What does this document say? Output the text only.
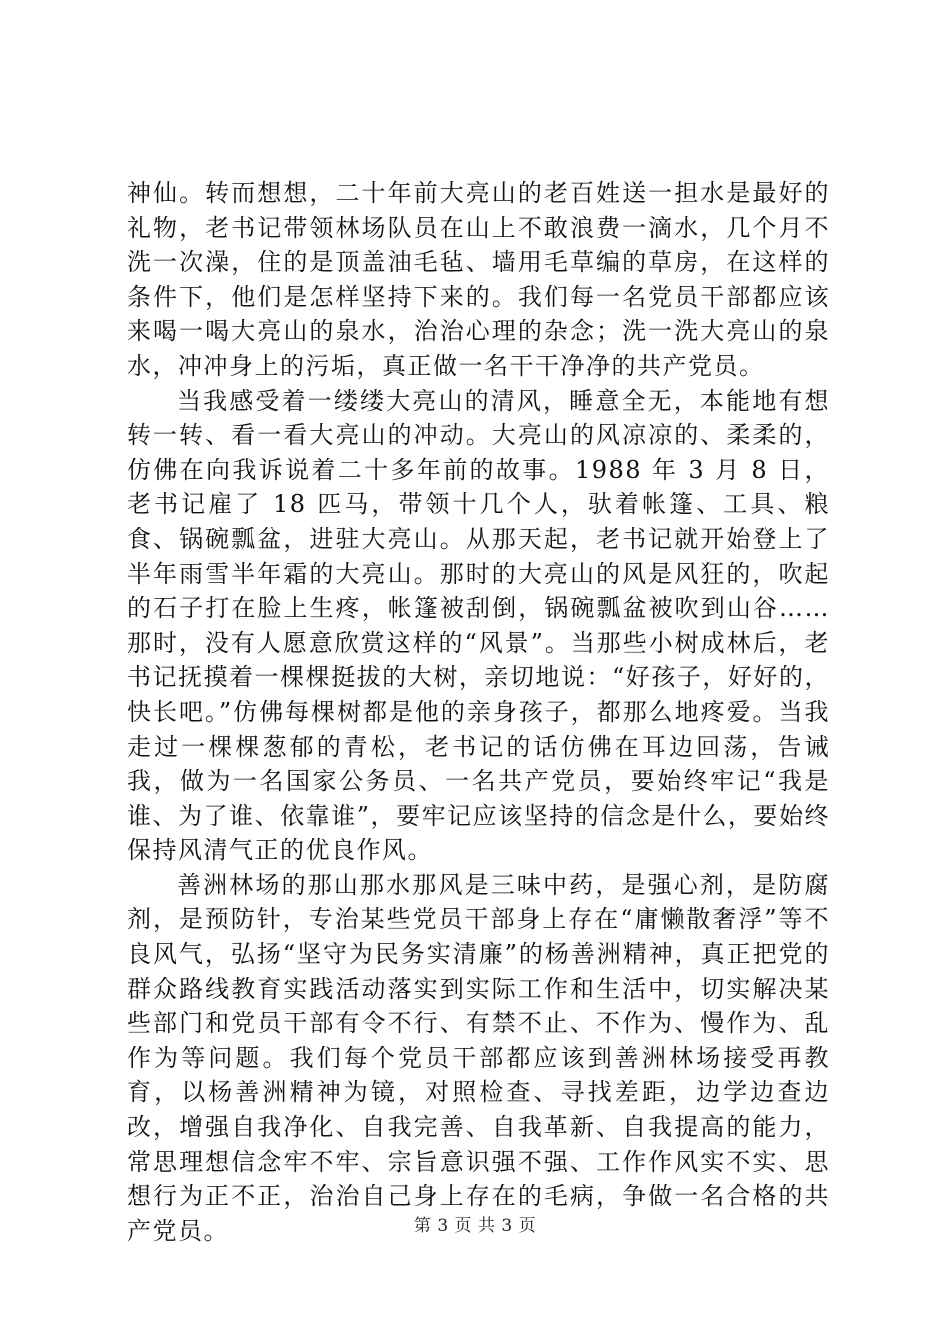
神仙。转而想想，二十年前大亮山的老百姓送一担水是最好的礼物，老书记带领林场队员在山上不敢浪费一滴水，几个月不洗一次澡，住的是顶盖油毛毡、墙用毛草编的草房，在这样的条件下，他们是怎样坚持下来的。我们每一名党员干部都应该来喝一喝大亮山的泉水，治治心理的杂念；洗一洗大亮山的泉水，冲冲身上的污垢，真正做一名干干净净的共产党员。

当我感受着一缕缕大亮山的清风，睡意全无，本能地有想转一转、看一看大亮山的冲动。大亮山的风凉凉的、柔柔的，仿佛在向我诉说着二十多年前的故事。1988 年 3 月 8 日，老书记雇了 18 匹马，带领十几个人，驮着帐篷、工具、粮食、锅碗瓢盆，进驻大亮山。从那天起，老书记就开始登上了半年雨雪半年霜的大亮山。那时的大亮山的风是风狂的，吹起的石子打在脸上生疼，帐篷被刮倒，锅碗瓢盆被吹到山谷……那时，没有人愿意欣赏这样的“风景”。当那些小树成林后，老书记抚摸着一棵棵挺拔的大树，亲切地说：“好孩子，好好的，快长吧。”仿佛每棵树都是他的亲身孩子，都那么地疼爱。当我走过一棵棵葱郁的青松，老书记的话仿佛在耳边回荡，告诫我，做为一名国家公务员、一名共产党员，要始终牢记“我是谁、为了谁、依靠谁”，要牢记应该坚持的信念是什么，要始终保持风清气正的优良作风。

善洲林场的那山那水那风是三味中药，是强心剂，是防腐剂，是预防针，专治某些党员干部身上存在“庸懒散奢浮”等不良风气，弘扬“坚守为民务实清廉”的杨善洲精神，真正把党的群众路线教育实践活动落实到实际工作和生活中，切实解决某些部门和党员干部有令不行、有禁不止、不作为、慢作为、乱作为等问题。我们每个党员干部都应该到善洲林场接受再教育，以杨善洲精神为镜，对照检查、寻找差距，边学边查边改，增强自我净化、自我完善、自我革新、自我提高的能力，常思理想信念牢不牢、宗旨意识强不强、工作作风实不实、思想行为正不正，治治自己身上存在的毛病，争做一名合格的共产党员。	第 3 页 共 3 页
